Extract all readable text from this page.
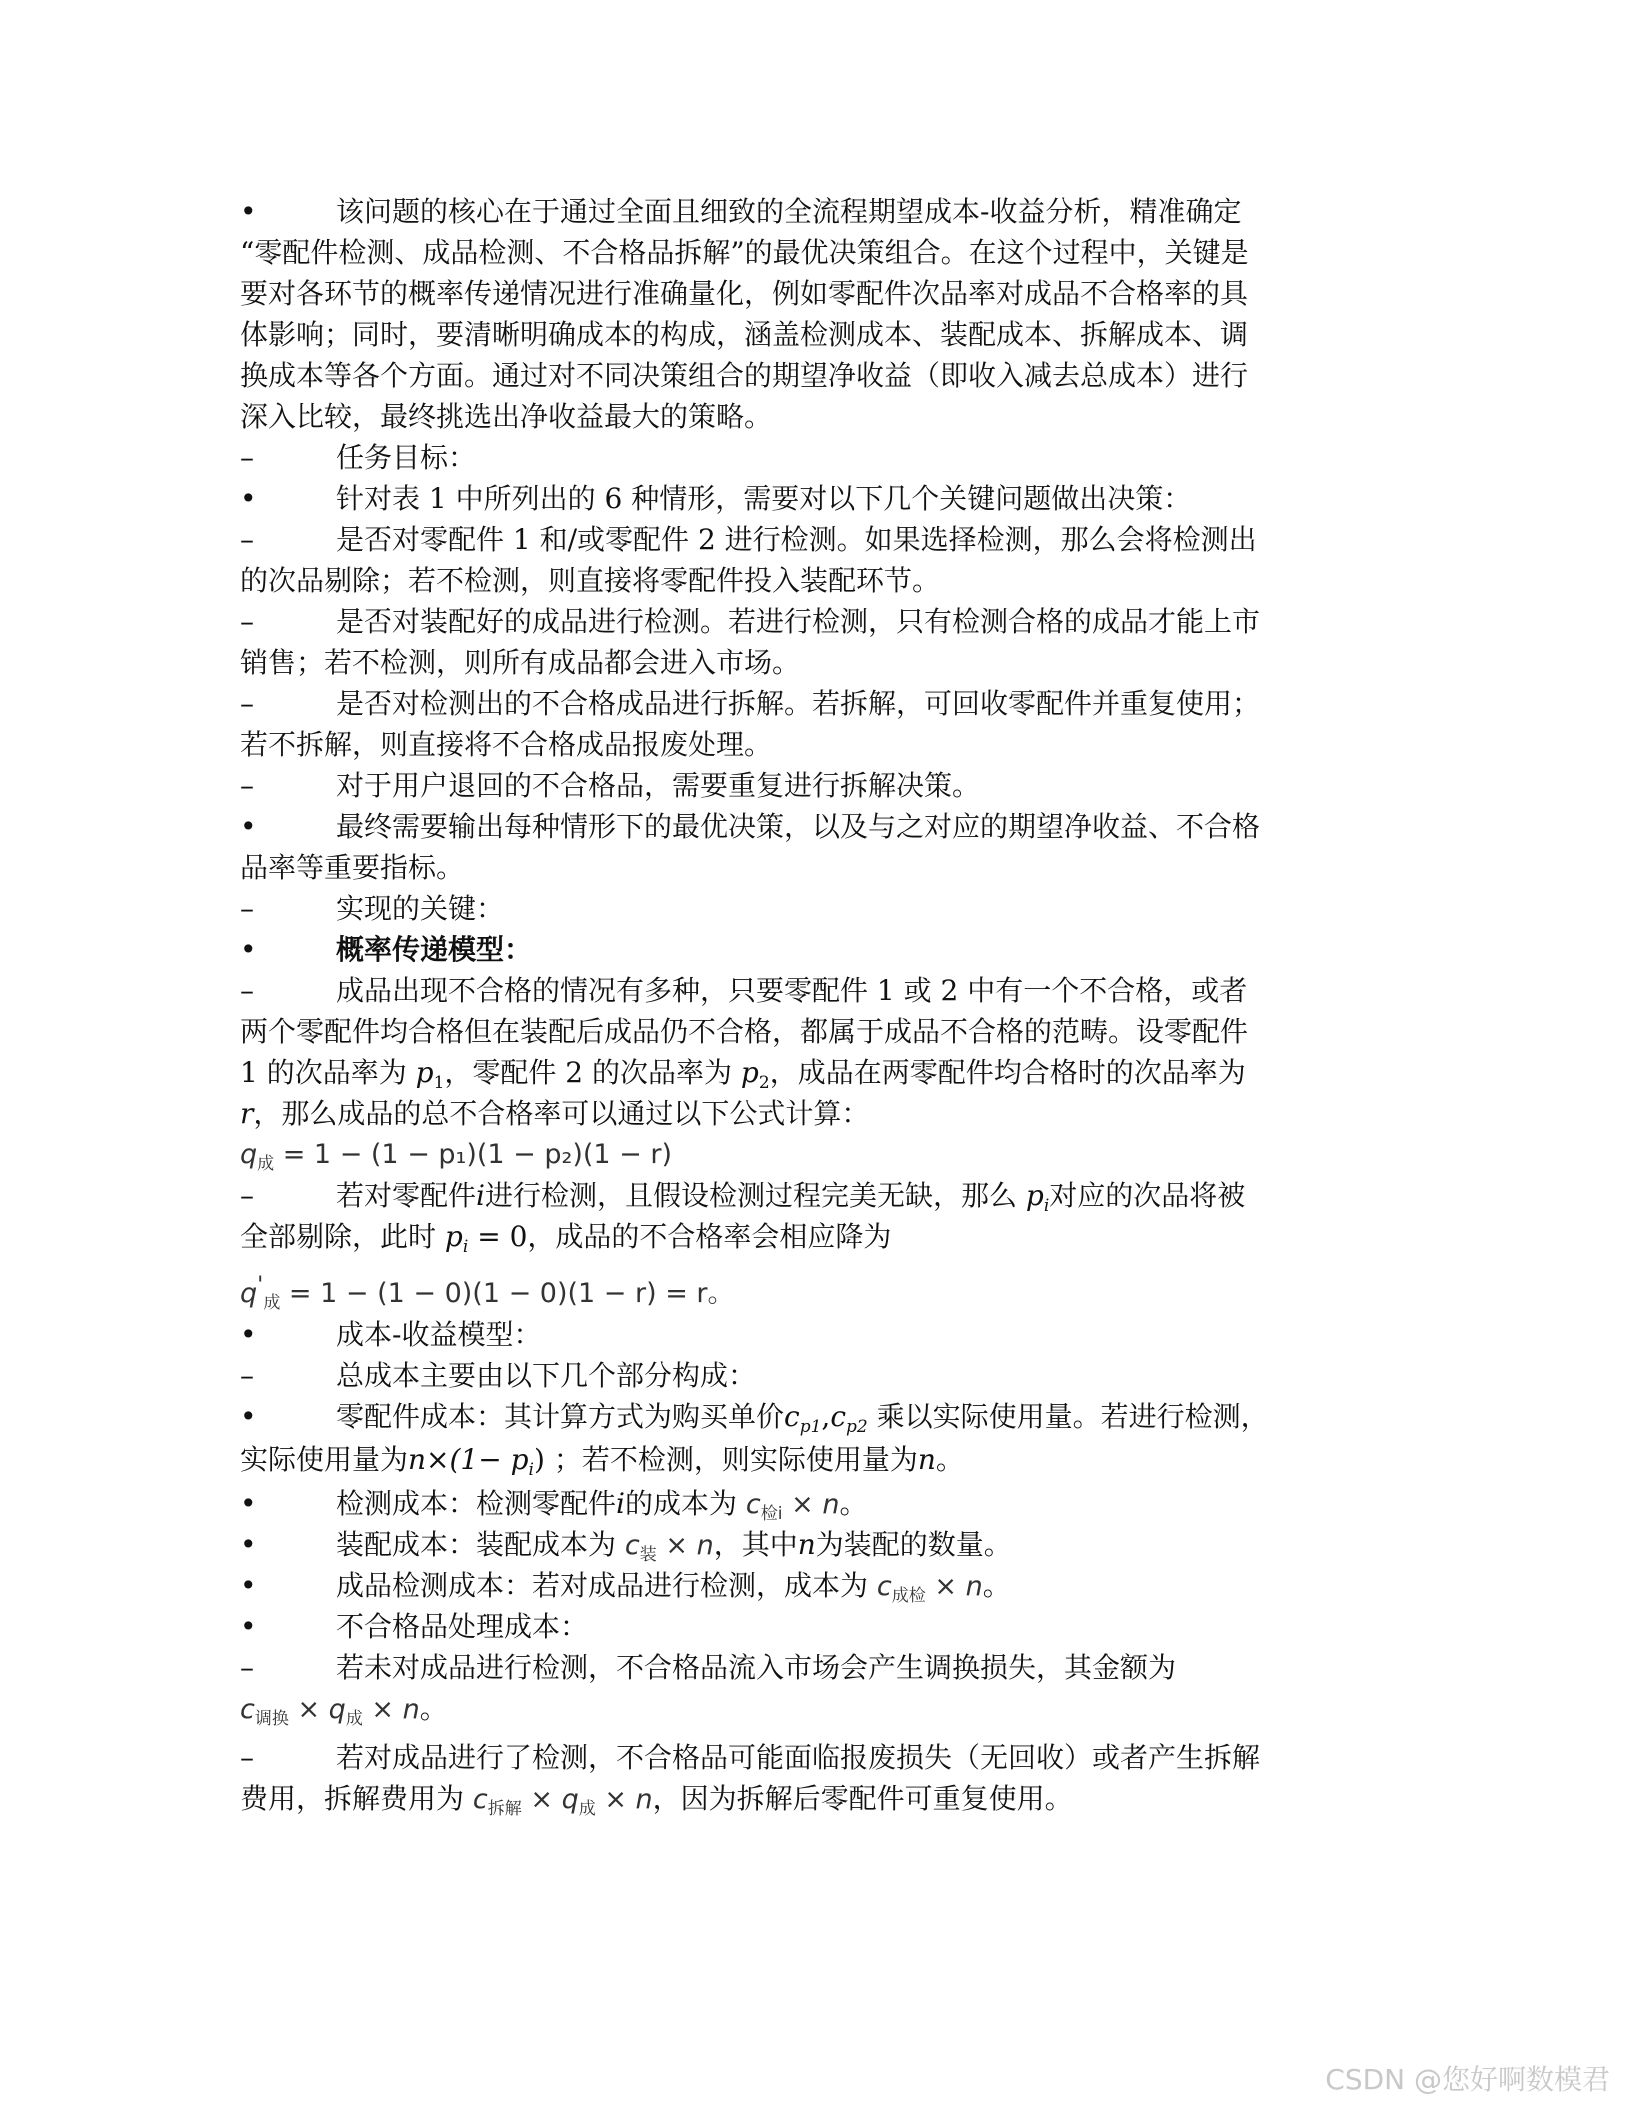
•	该问题的核心在于通过全面且细致的全流程期望成本-收益分析，精准确定
“零配件检测、成品检测、不合格品拆解”的最优决策组合。在这个过程中，关键是
要对各环节的概率传递情况进行准确量化，例如零配件次品率对成品不合格率的具
体影响；同时，要清晰明确成本的构成，涵盖检测成本、装配成本、拆解成本、调
换成本等各个方面。通过对不同决策组合的期望净收益（即收入减去总成本）进行
深入比较，最终挑选出净收益最大的策略。
–	任务目标：
•	针对表 1 中所列出的 6 种情形，需要对以下几个关键问题做出决策：
–	是否对零配件 1 和/或零配件 2 进行检测。如果选择检测，那么会将检测出
的次品剔除；若不检测，则直接将零配件投入装配环节。
–	是否对装配好的成品进行检测。若进行检测，只有检测合格的成品才能上市
销售；若不检测，则所有成品都会进入市场。
–	是否对检测出的不合格成品进行拆解。若拆解，可回收零配件并重复使用；
若不拆解，则直接将不合格成品报废处理。
–	对于用户退回的不合格品，需要重复进行拆解决策。
•	最终需要输出每种情形下的最优决策，以及与之对应的期望净收益、不合格
品率等重要指标。
–	实现的关键：
•	概率传递模型：
–	成品出现不合格的情况有多种，只要零配件 1 或 2 中有一个不合格，或者
两个零配件均合格但在装配后成品仍不合格，都属于成品不合格的范畴。设零配件
1 的次品率为 $p_1$，零配件 2 的次品率为 $p_2$，成品在两零配件均合格时的次品率为
r，那么成品的总不合格率可以通过以下公式计算：
$q_成 = 1 - (1 - p_1)(1 - p_2)(1 - r)$
–	若对零配件i进行检测，且假设检测过程完美无缺，那么 $p_i$对应的次品将被
全部剔除，此时 $p_i = 0$，成品的不合格率会相应降为
$q'_成 = 1 - (1 - 0)(1 - 0)(1 - r) = r$。
•	成本-收益模型：
–	总成本主要由以下几个部分构成：
•	零配件成本：其计算方式为购买单价$c_{p1},c_{p2}$ 乘以实际使用量。若进行检测，
实际使用量为$n\times(1- p_i)$ ；若不检测，则实际使用量为n。
•	检测成本：检测零配件i的成本为 $c_{检i} \times n$。
•	装配成本：装配成本为 $c_装 \times n$，其中n为装配的数量。
•	成品检测成本：若对成品进行检测，成本为 $c_{成检} \times n$。
•	不合格品处理成本：
–	若未对成品进行检测，不合格品流入市场会产生调换损失，其金额为
$c_{调换} \times q_成 \times n$。
–	若对成品进行了检测，不合格品可能面临报废损失（无回收）或者产生拆解
费用，拆解费用为 $c_{拆解} \times q_成 \times n$，因为拆解后零配件可重复使用。
CSDN @您好啊数模君
